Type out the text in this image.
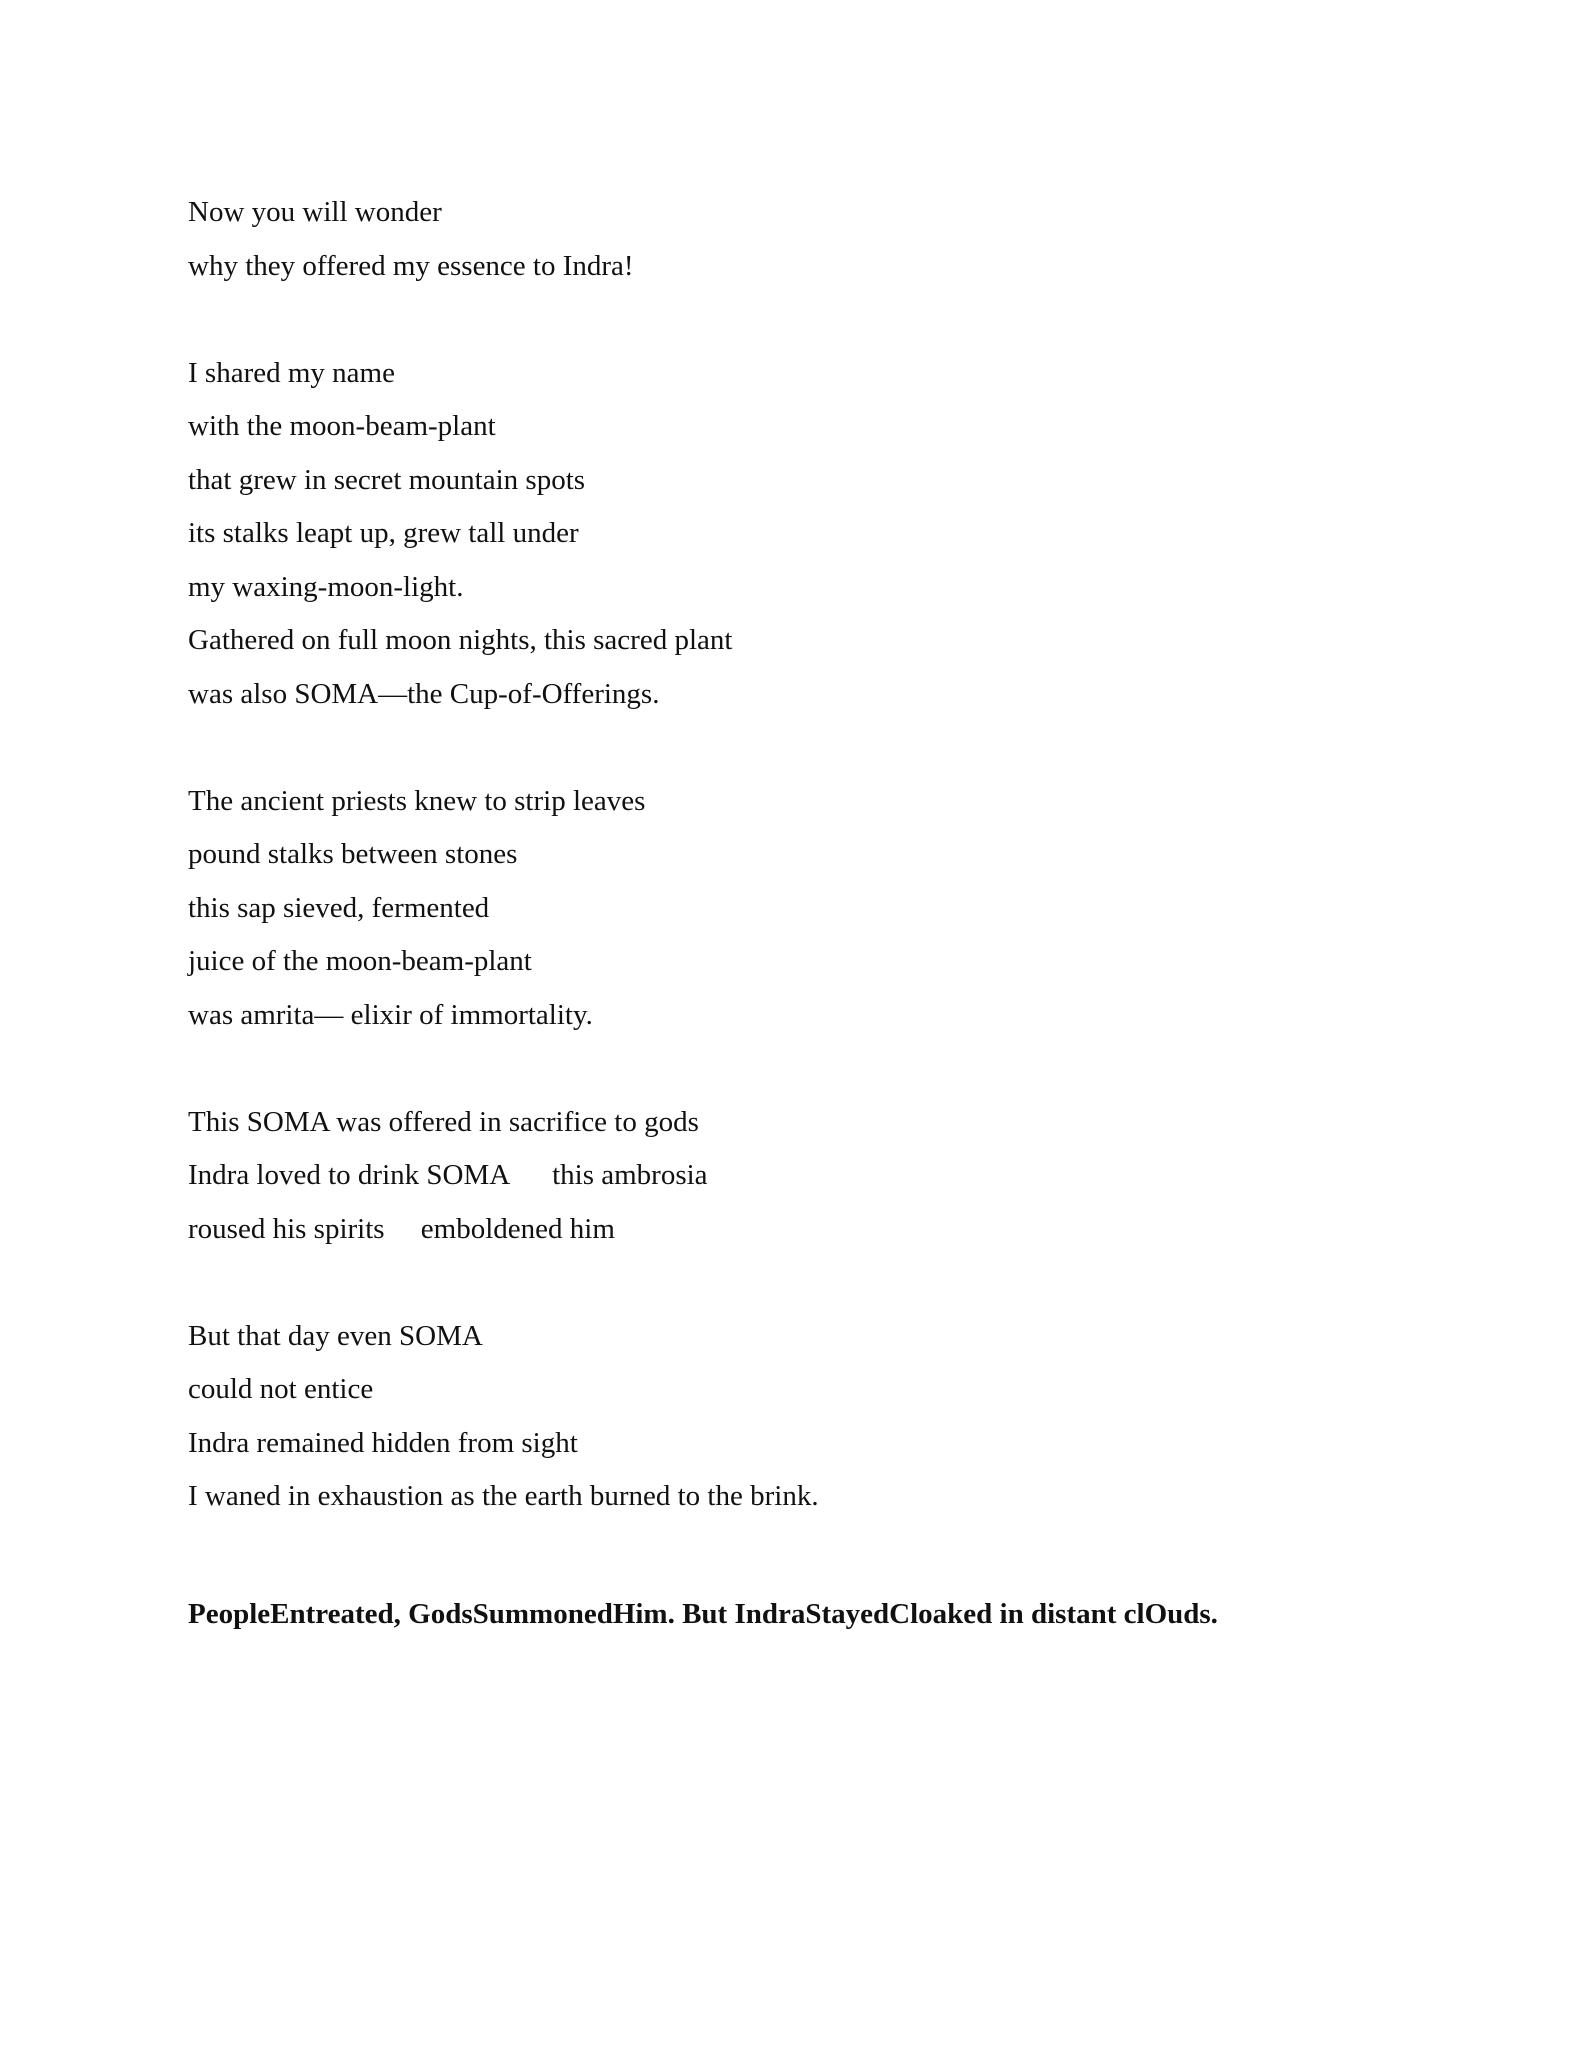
Now you will wonder
why they offered my essence to Indra!
I shared my name
with the moon-beam-plant
that grew in secret mountain spots
its stalks leapt up, grew tall under
my waxing-moon-light.
Gathered on full moon nights, this sacred plant
was also SOMA—the Cup-of-Offerings.
The ancient priests knew to strip leaves
pound stalks between stones
this sap sieved, fermented
juice of the moon-beam-plant
was amrita— elixir of immortality.
This SOMA was offered in sacrifice to gods
Indra loved to drink SOMA      this ambrosia
roused his spirits     emboldened him
But that day even SOMA
could not entice
Indra remained hidden from sight
I waned in exhaustion as the earth burned to the brink.
PeopleEntreated, GodsSummonedHim. But IndraStayedCloaked in distant clOuds.
